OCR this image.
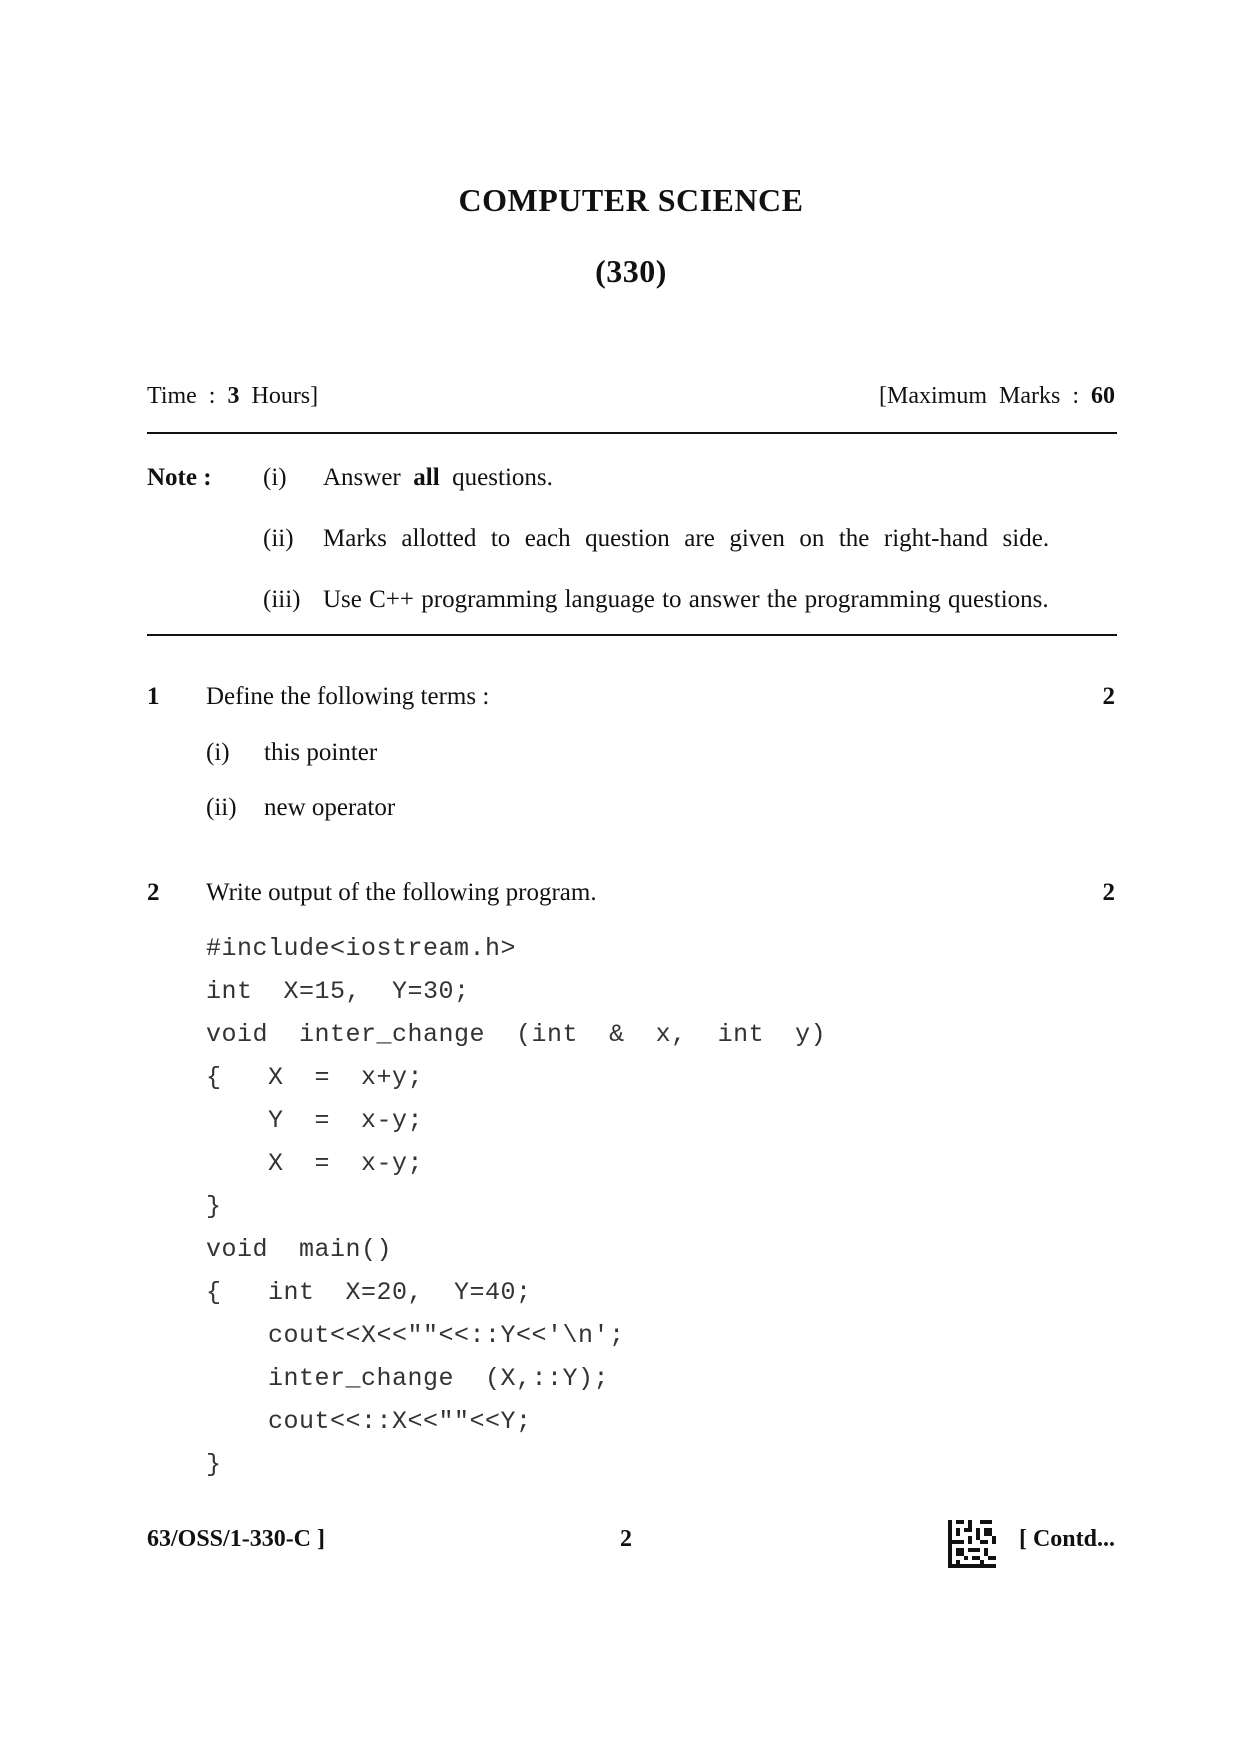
COMPUTER SCIENCE
(330)
Time  :  3  Hours]	[Maximum  Marks  :  60
Note : (i) Answer  all  questions.
(ii) Marks  allotted  to  each  question  are  given  on  the  right-hand  side.
(iii) Use C++ programming language to answer the programming questions.
1 Define the following terms :	2
(i) this pointer
(ii) new operator
2 Write output of the following program.	2
#include<iostream.h>
int  X=15,  Y=30;
void  inter_change  (int  &  x,  int  y)
{   X  =  x+y;
Y  =  x-y;
X  =  x-y;
}
void  main()
{   int  X=20,  Y=40;
cout<<X<<""<<::Y<<'\n';
inter_change  (X,::Y);
cout<<::X<<""<<Y;
}
63/OSS/1-330-C ]	2	[ Contd...
